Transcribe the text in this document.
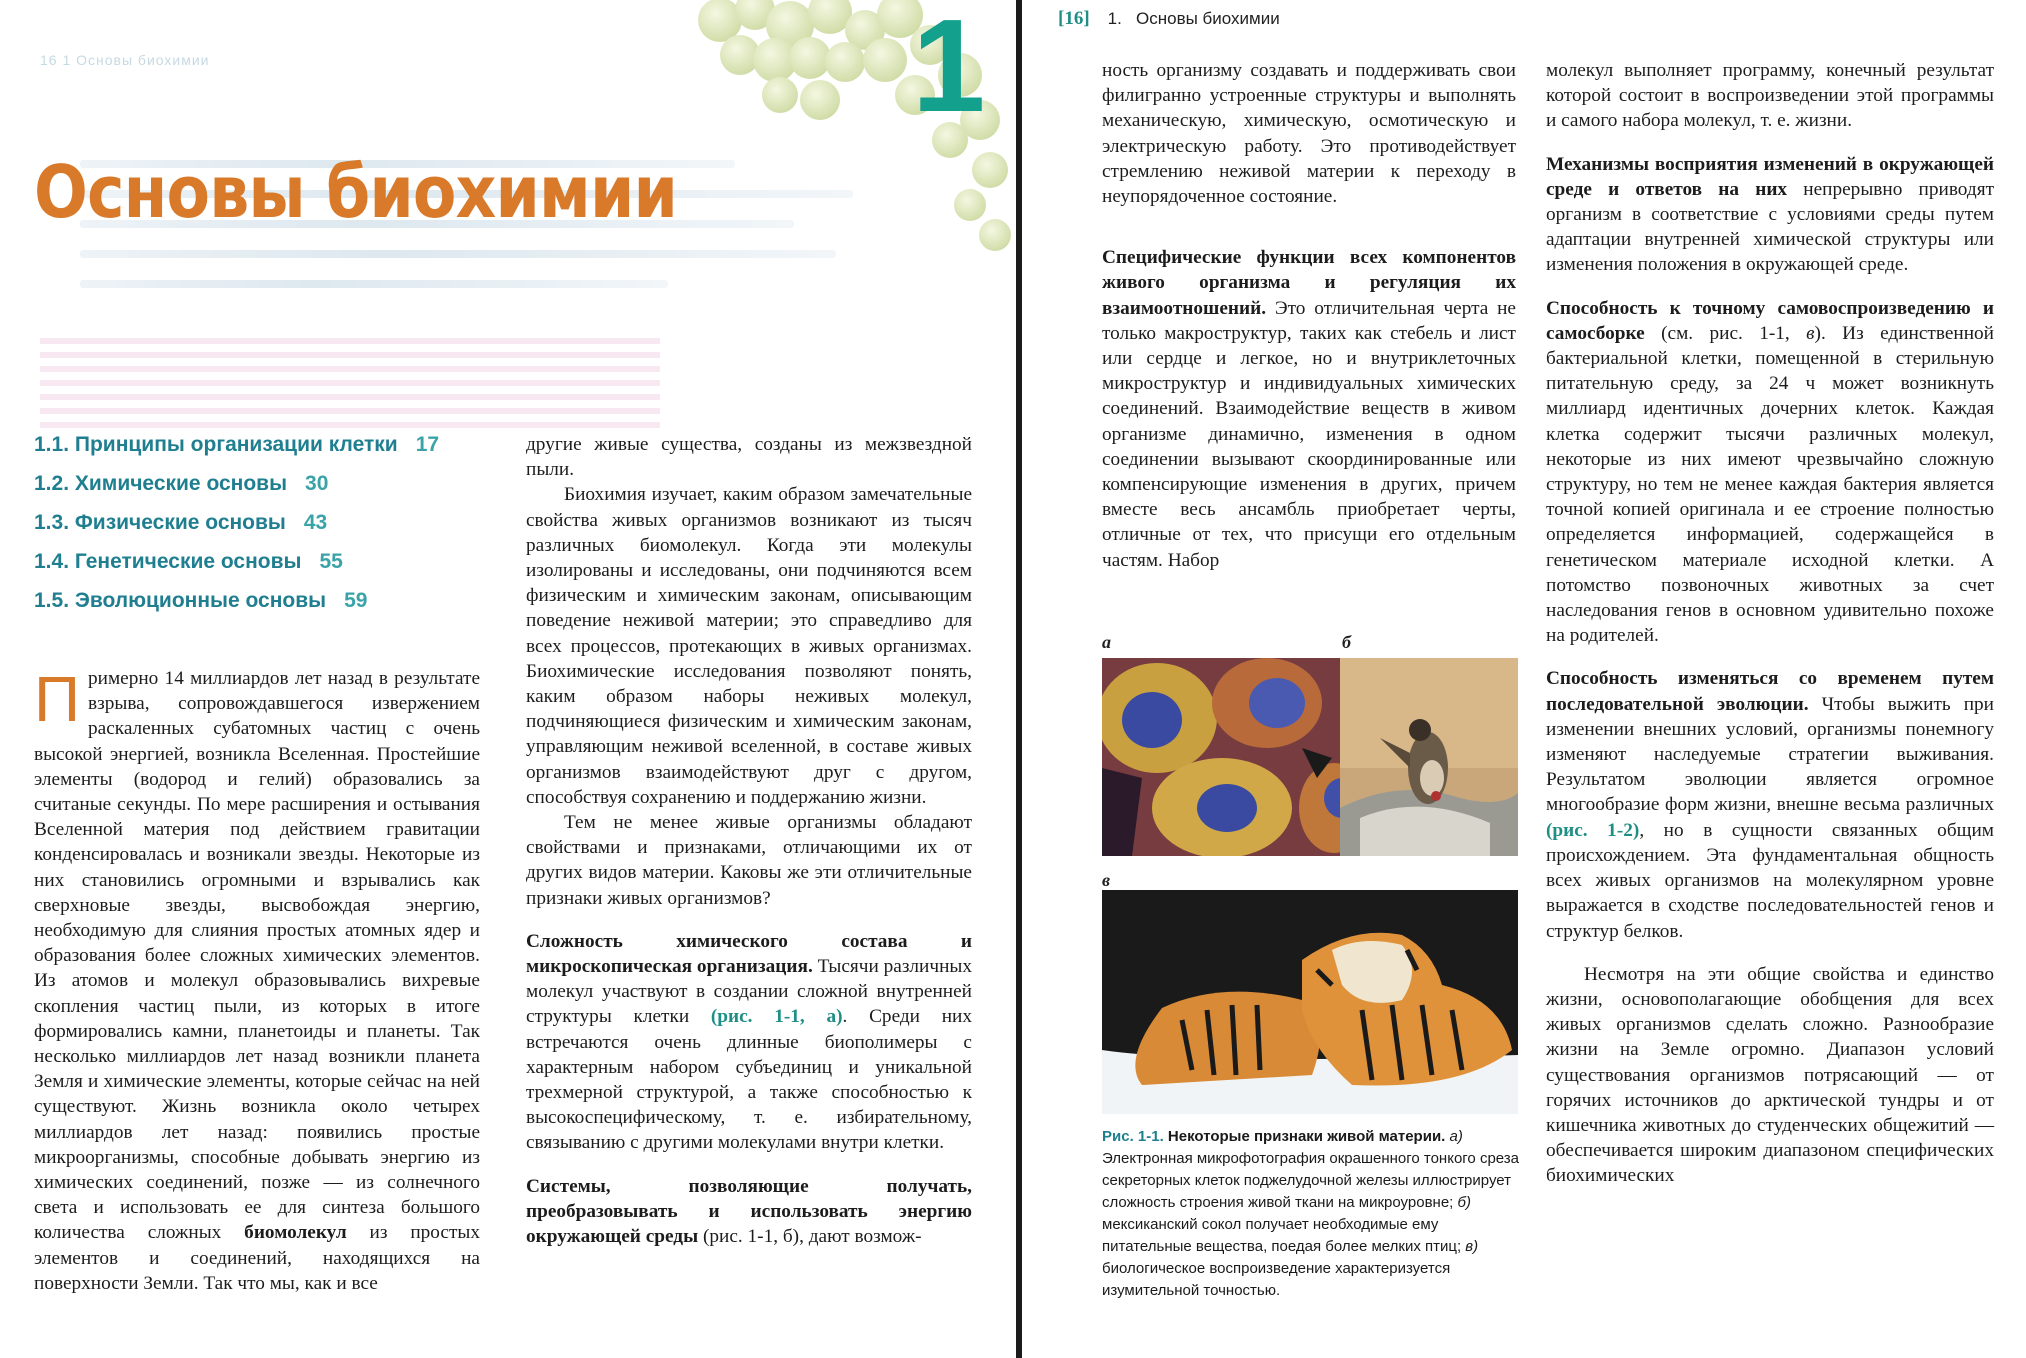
16 1 Основы биохимии	1
Основы биохимии
1.1. Принципы организации клетки 17
1.2. Химические основы 30
1.3. Физические основы 43
1.4. Генетические основы 55
1.5. Эволюционные основы 59

Примерно 14 миллиардов лет назад в результате взрыва, сопровождавшегося извержением раскаленных субатомных частиц с очень высокой энергией, возникла Вселенная. Простейшие элементы (водород и гелий) образовались за считаные секунды. По мере расширения и остывания Вселенной материя под действием гравитации конденсировалась и возникали звезды. Некоторые из них становились огромными и взрывались как сверхновые звезды, высвобождая энергию, необходимую для слияния простых атомных ядер и образования более сложных химических элементов. Из атомов и молекул образовывались вихревые скопления частиц пыли, из которых в итоге формировались камни, планетоиды и планеты. Так несколько миллиардов лет назад возникли планета Земля и химические элементы, которые сейчас на ней существуют. Жизнь возникла около четырех миллиардов лет назад: появились простые микроорганизмы, способные добывать энергию из химических соединений, позже — из солнечного света и использовать ее для синтеза большого количества сложных биомолекул из простых элементов и соединений, находящихся на поверхности Земли. Так что мы, как и все

другие живые существа, созданы из межзвездной пыли.

Биохимия изучает, каким образом замечательные свойства живых организмов возникают из тысяч различных биомолекул. Когда эти молекулы изолированы и исследованы, они подчиняются всем физическим и химическим законам, описывающим поведение неживой материи; это справедливо для всех процессов, протекающих в живых организмах. Биохимические исследования позволяют понять, каким образом наборы неживых молекул, подчиняющиеся физическим и химическим законам, управляющим неживой вселенной, в составе живых организмов взаимодействуют друг с другом, способствуя сохранению и поддержанию жизни.

Тем не менее живые организмы обладают свойствами и признаками, отличающими их от других видов материи. Каковы же эти отличительные признаки живых организмов?

Сложность химического состава и микроскопическая организация. Тысячи различных молекул участвуют в создании сложной внутренней структуры клетки (рис. 1-1, а). Среди них встречаются очень длинные биополимеры с характерным набором субъединиц и уникальной трехмерной структурой, а также способностью к высокоспецифическому, т. е. избирательному, связыванию с другими молекулами внутри клетки.

Системы, позволяющие получать, преобразовывать и использовать энергию окружающей среды (рис. 1-1, б), дают возмож-

[16] 1. Основы биохимии

ность организму создавать и поддерживать свои филигранно устроенные структуры и выполнять механическую, химическую, осмотическую и электрическую работу. Это противодействует стремлению неживой материи к переходу в неупорядоченное состояние.

Специфические функции всех компонентов живого организма и регуляция их взаимоотношений. Это отличительная черта не только макроструктур, таких как стебель и лист или сердце и легкое, но и внутриклеточных микроструктур и индивидуальных химических соединений. Взаимодействие веществ в живом организме динамично, изменения в одном соединении вызывают скоординированные или компенсирующие изменения в других, причем вместе весь ансамбль приобретает черты, отличные от тех, что присущи его отдельным частям. Набор

а	б
в
Рис. 1-1. Некоторые признаки живой материи. а) Электронная микрофотография окрашенного тонкого среза секреторных клеток поджелудочной железы иллюстрирует сложность строения живой ткани на микроуровне; б) мексиканский сокол получает необходимые ему питательные вещества, поедая более мелких птиц; в) биологическое воспроизведение характеризуется изумительной точностью.

молекул выполняет программу, конечный результат которой состоит в воспроизведении этой программы и самого набора молекул, т. е. жизни.

Механизмы восприятия изменений в окружающей среде и ответов на них непрерывно приводят организм в соответствие с условиями среды путем адаптации внутренней химической структуры или изменения положения в окружающей среде.

Способность к точному самовоспроизведению и самосборке (см. рис. 1-1, в). Из единственной бактериальной клетки, помещенной в стерильную питательную среду, за 24 ч может возникнуть миллиард идентичных дочерних клеток. Каждая клетка содержит тысячи различных молекул, некоторые из них имеют чрезвычайно сложную структуру, но тем не менее каждая бактерия является точной копией оригинала и ее строение полностью определяется информацией, содержащейся в генетическом материале исходной клетки. А потомство позвоночных животных за счет наследования генов в основном удивительно похоже на родителей.

Способность изменяться со временем путем последовательной эволюции. Чтобы выжить при изменении внешних условий, организмы понемногу изменяют наследуемые стратегии выживания. Результатом эволюции является огромное многообразие форм жизни, внешне весьма различных (рис. 1-2), но в сущности связанных общим происхождением. Эта фундаментальная общность всех живых организмов на молекулярном уровне выражается в сходстве последовательностей генов и структур белков.

Несмотря на эти общие свойства и единство жизни, основополагающие обобщения для всех живых организмов сделать сложно. Разнообразие жизни на Земле огромно. Диапазон условий существования организмов потрясающий — от горячих источников до арктической тундры и от кишечника животных до студенческих общежитий — обеспечивается широким диапазоном специфических биохимических
